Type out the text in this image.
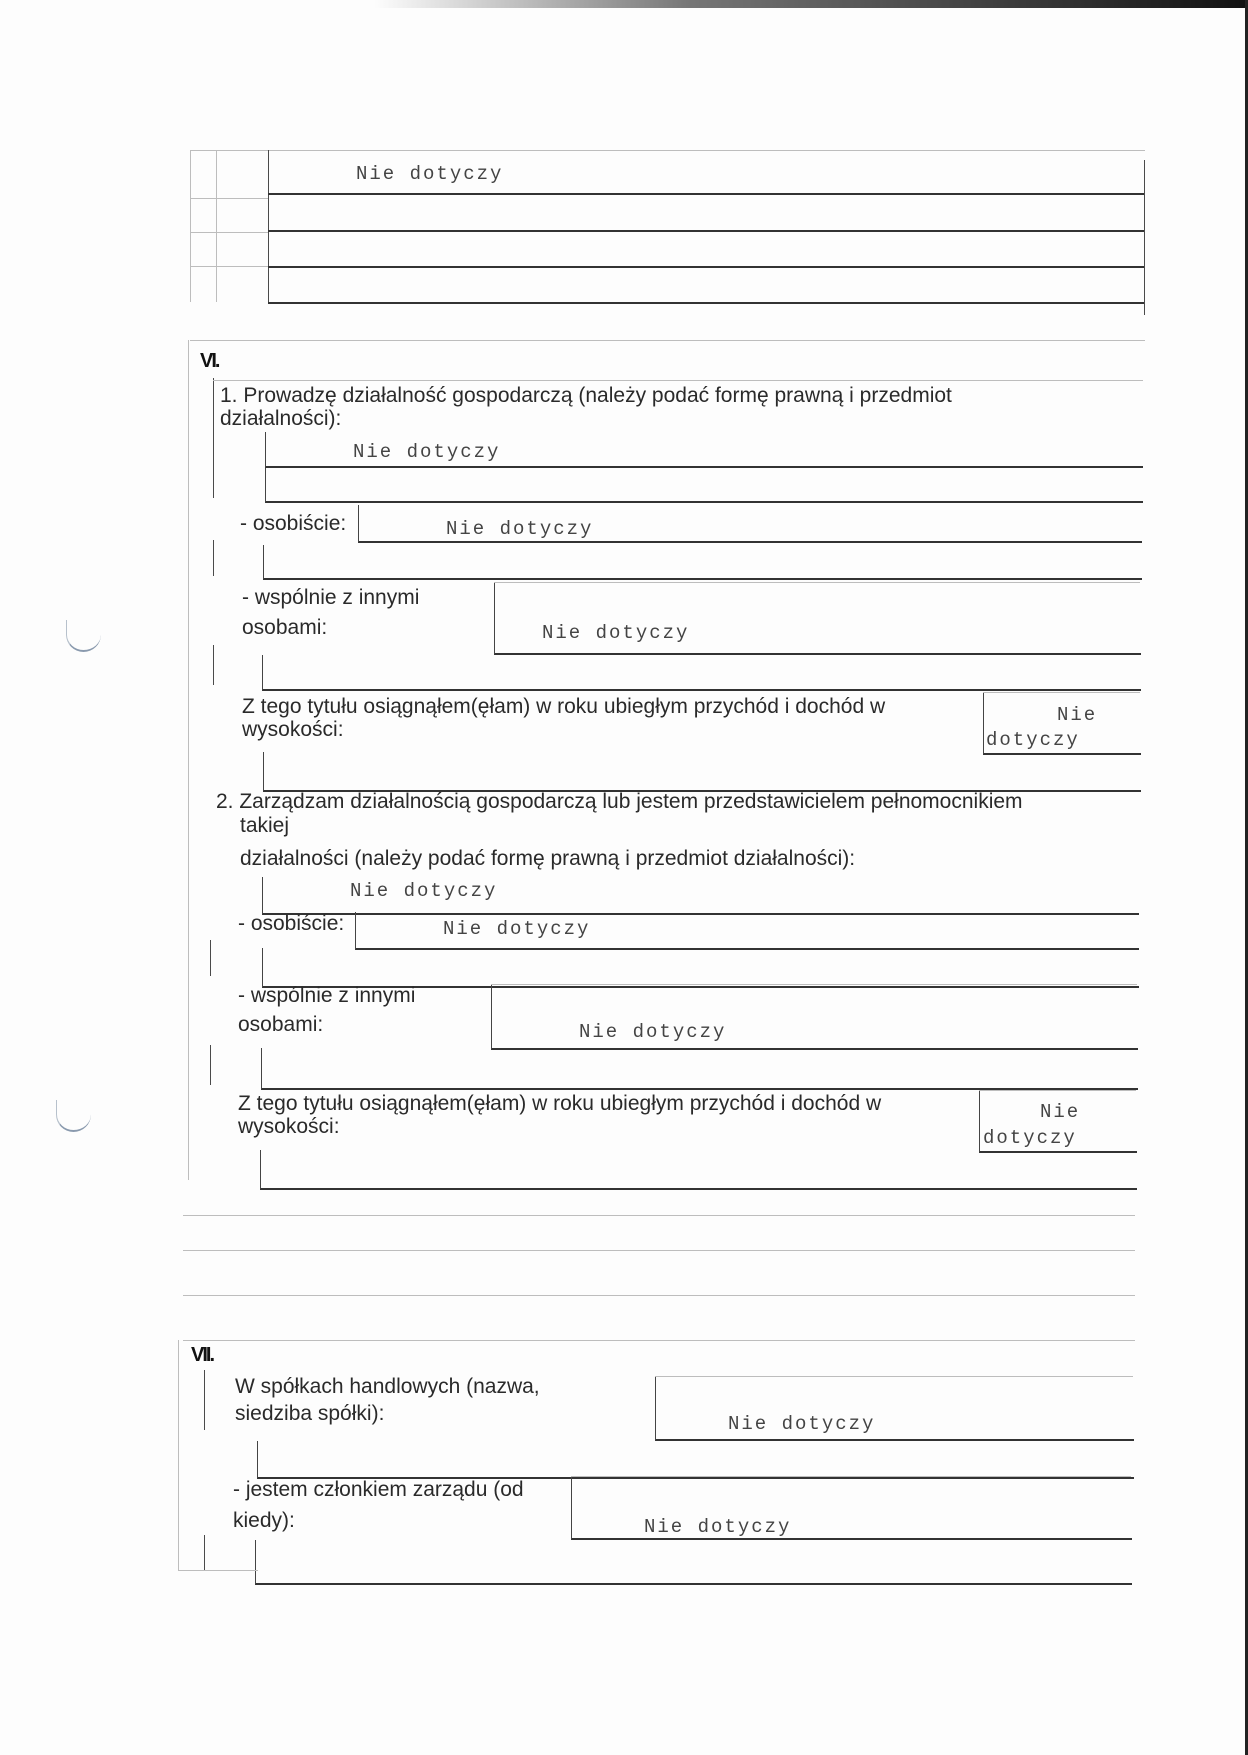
Nie dotyczy
VI.
1. Prowadzę działalność gospodarczą (należy podać formę prawną i przedmiot
działalności):
Nie dotyczy
- osobiście:	Nie dotyczy
- wspólnie z innymi
osobami:	Nie dotyczy
Z tego tytułu osiągnąłem(ęłam) w roku ubiegłym przychód i dochód w
wysokości:
Nie
dotyczy
2. Zarządzam działalnością gospodarczą lub jestem przedstawicielem pełnomocnikiem
takiej
działalności (należy podać formę prawną i przedmiot działalności):
Nie dotyczy
- osobiście:	Nie dotyczy
- wspólnie z innymi
osobami:	Nie dotyczy
Z tego tytułu osiągnąłem(ęłam) w roku ubiegłym przychód i dochód w
wysokości:
Nie
dotyczy
VII.
W spółkach handlowych (nazwa,
siedziba spółki):	Nie dotyczy
- jestem członkiem zarządu (od
kiedy):	Nie dotyczy
